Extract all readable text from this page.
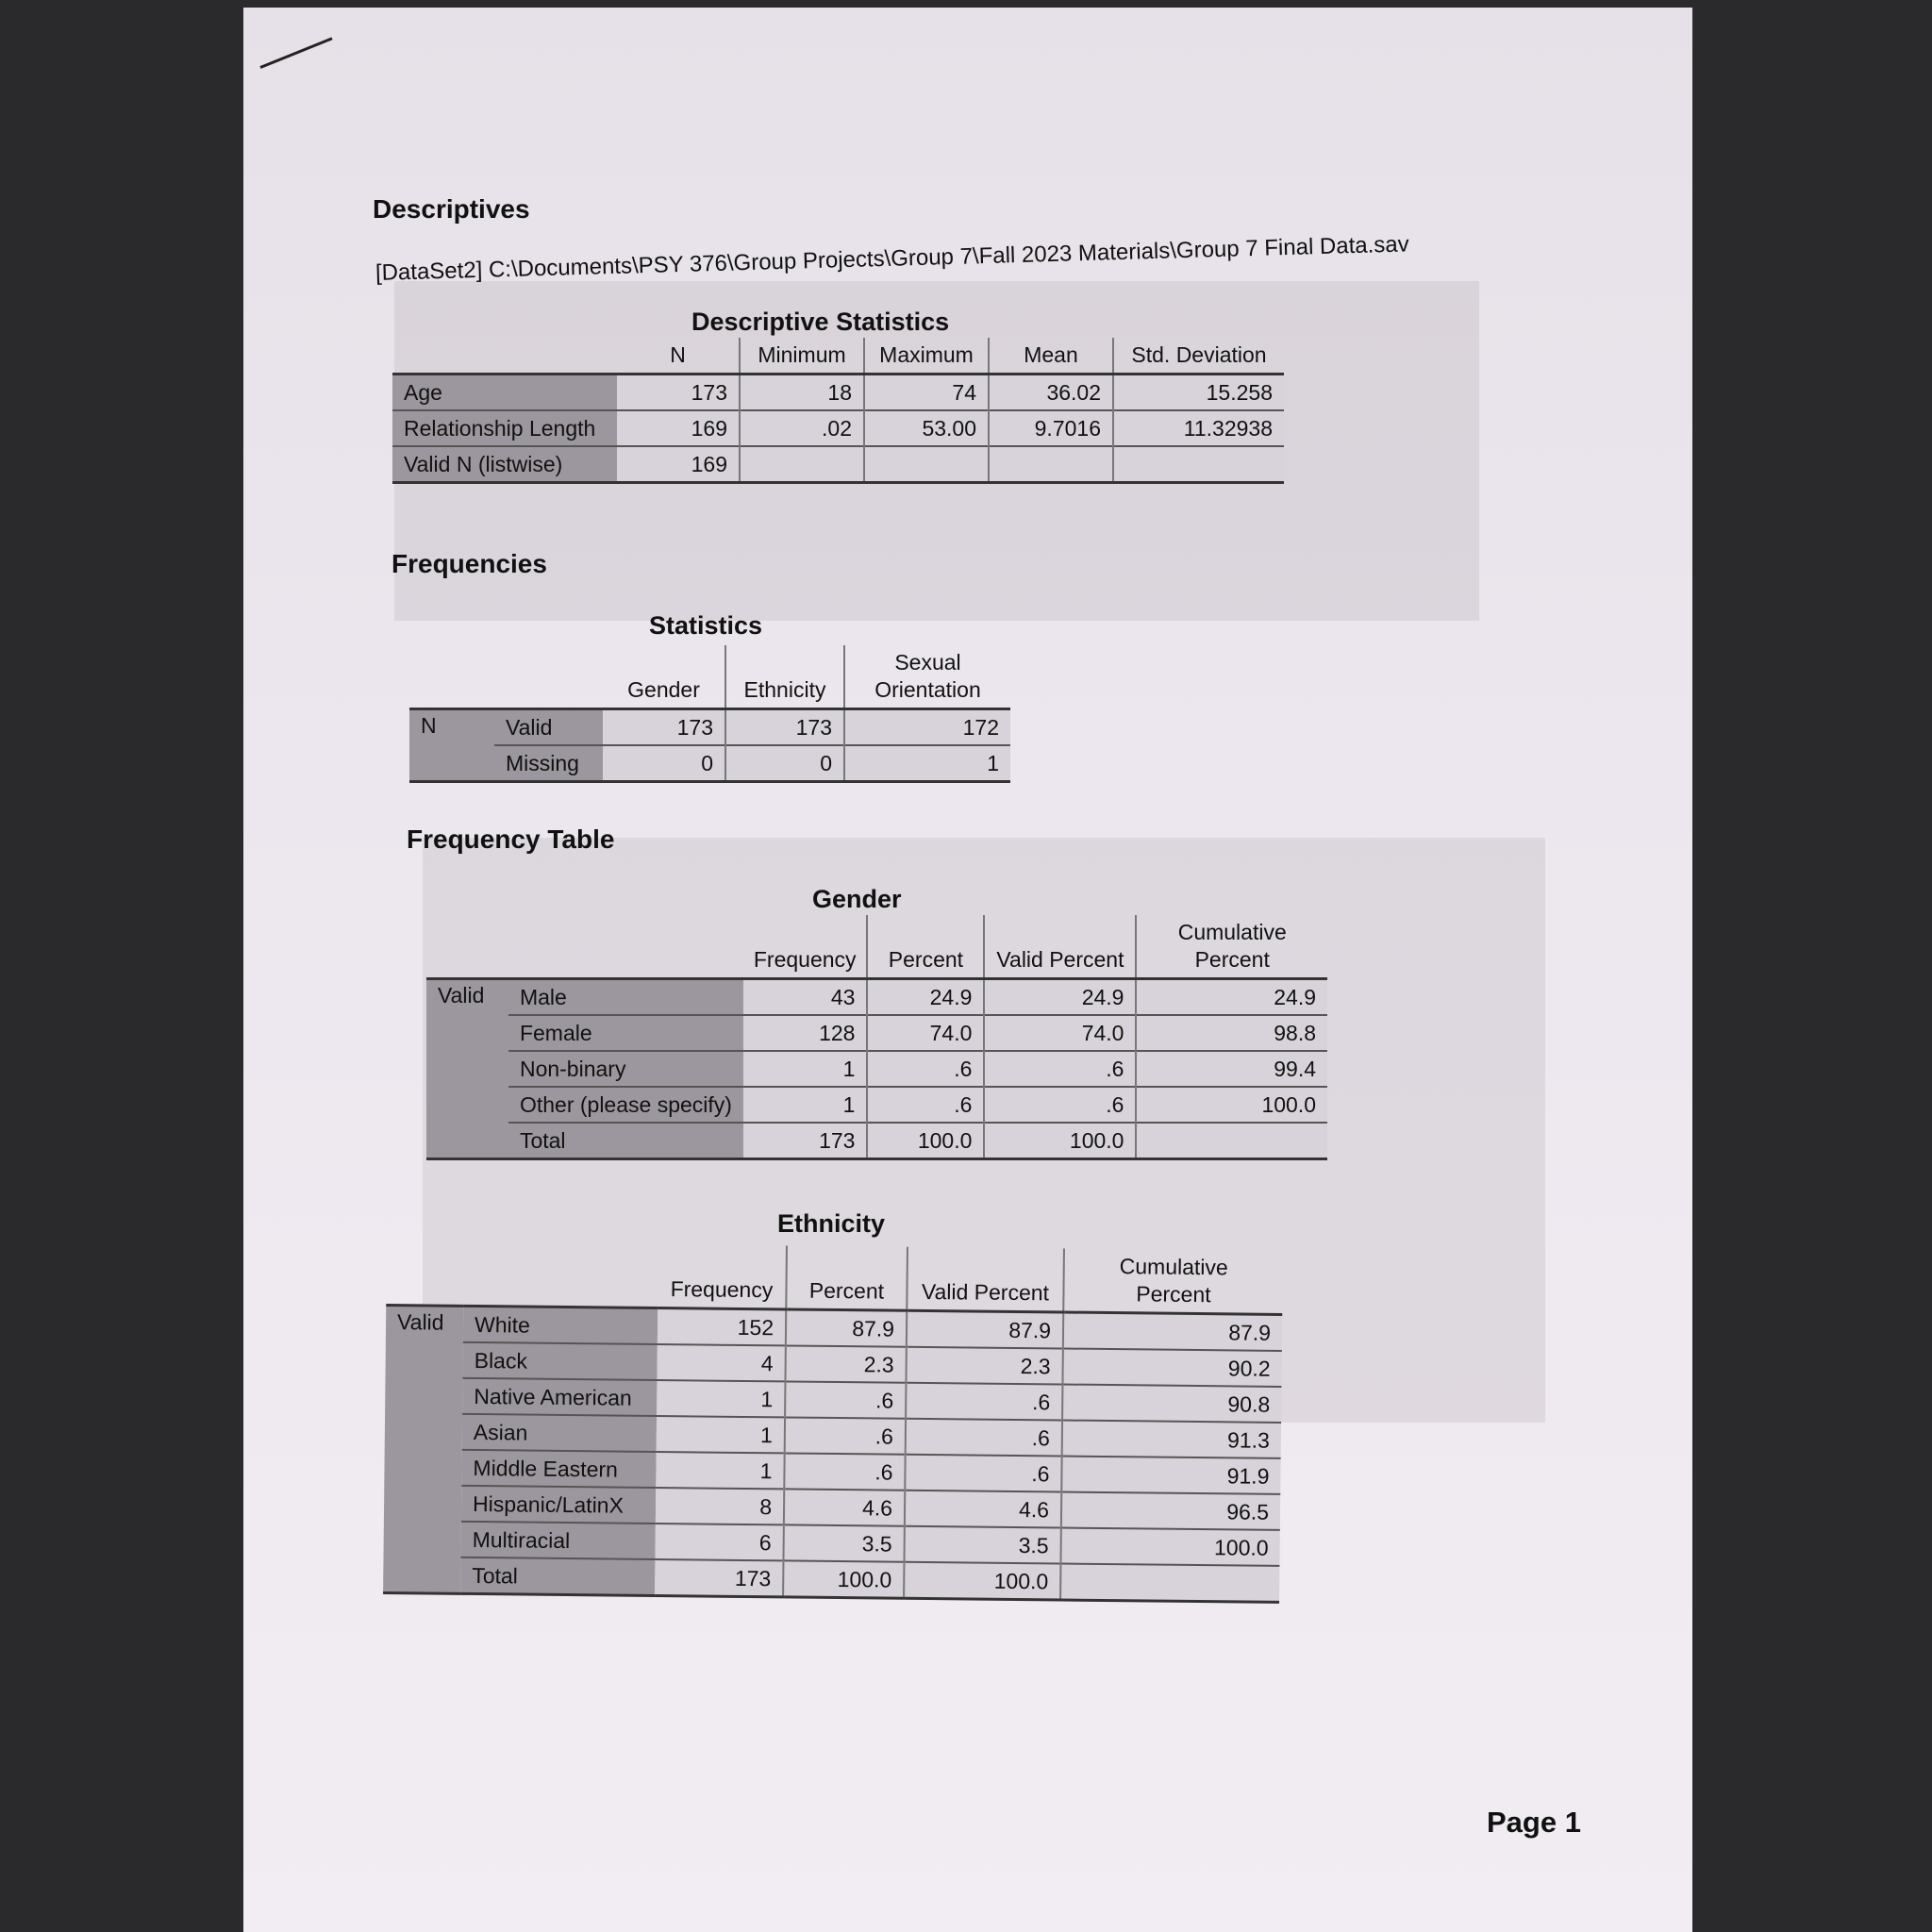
Descriptives
[DataSet2] C:\Documents\PSY 376\Group Projects\Group 7\Fall 2023 Materials\Group 7 Final Data.sav
Descriptive Statistics
	N	Minimum	Maximum	Mean	Std. Deviation
Age	173	18	74	36.02	15.258
Relationship Length	169	.02	53.00	9.7016	11.32938
Valid N (listwise)	169				
Frequencies
Statistics
		Gender	Ethnicity	Sexual Orientation
N	Valid	173	173	172
	Missing	0	0	1
Frequency Table
Gender
		Frequency	Percent	Valid Percent	Cumulative Percent
Valid	Male	43	24.9	24.9	24.9
	Female	128	74.0	74.0	98.8
	Non-binary	1	.6	.6	99.4
	Other (please specify)	1	.6	.6	100.0
	Total	173	100.0	100.0	
Ethnicity
		Frequency	Percent	Valid Percent	Cumulative Percent
Valid	White	152	87.9	87.9	87.9
	Black	4	2.3	2.3	90.2
	Native American	1	.6	.6	90.8
	Asian	1	.6	.6	91.3
	Middle Eastern	1	.6	.6	91.9
	Hispanic/LatinX	8	4.6	4.6	96.5
	Multiracial	6	3.5	3.5	100.0
	Total	173	100.0	100.0	
Page 1
